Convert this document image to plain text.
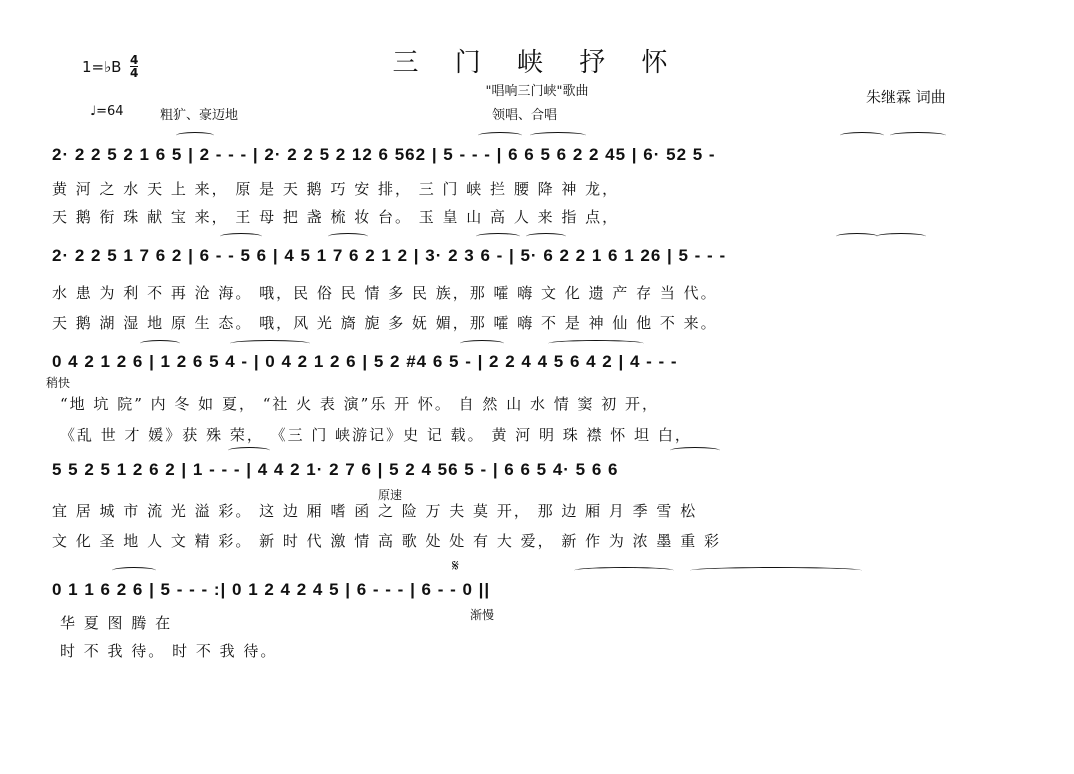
三 门 峡 抒 怀
"唱响三门峡"歌曲
1=♭B 4
4
朱继霖 词曲
♩=64	粗犷、豪迈地	领唱、合唱
2· 2 2 5 2 1 6 5 | 2 - - - | 2· 2 2 5 2 12 6 562 | 5 - - - | 6 6 5 6 2 2 45 | 6· 52 5 -
黄 河 之 水 天 上 来， 原 是 天 鹅 巧 安 排， 三 门 峡 拦 腰 降 神 龙，
天 鹅 衔 珠 献 宝 来， 王 母 把 盏 梳 妆 台。 玉 皇 山 高 人 来 指 点，
2· 2 2 5 1 7 6 2 | 6 - - 5 6 | 4 5 1 7 6 2 1 2 | 3· 2 3 6 - | 5· 6 2 2 1 6 1 26 | 5 - - -
水 患 为 利 不 再 沧 海。 哦，民 俗 民 情 多 民 族，那 嚯 嗨 文 化 遗 产 存 当 代。
天 鹅 湖 湿 地 原 生 态。 哦，风 光 旖 旎 多 妩 媚，那 嚯 嗨 不 是 神 仙 他 不 来。
0 4 2 1 2 6 | 1 2 6 5 4 - | 0 4 2 1 2 6 | 5 2 #4 6 5 - | 2 2 4 4 5 6 4 2 | 4 - - -
稍快
“地 坑 院” 内 冬 如 夏， “社 火 表 演”乐 开 怀。 自 然 山 水 情 窦 初 开，
《乱 世 才 媛》获 殊 荣， 《三 门 峡游记》史 记 载。 黄 河 明 珠 襟 怀 坦 白，
5 5 2 5 1 2 6 2 | 1 - - - | 4 4 2 1· 2 7 6 | 5 2 4 56 5 - | 6 6 5 4· 5 6 6
原速
宜 居 城 市 流 光 溢 彩。 这 边 厢 嗜 函 之 险 万 夫 莫 开， 那 边 厢 月 季 雪 松
文 化 圣 地 人 文 精 彩。 新 时 代 激 情 高 歌 处 处 有 大 爱， 新 作 为 浓 墨 重 彩
0 1 1 6 2 6 | 5 - - - :| 0 1 2 4 2 4 5 | 6 - - - | 6 - - 0 ||
𝄋
渐慢
华 夏 图 腾 在
时 不 我 待。 时 不 我 待。
